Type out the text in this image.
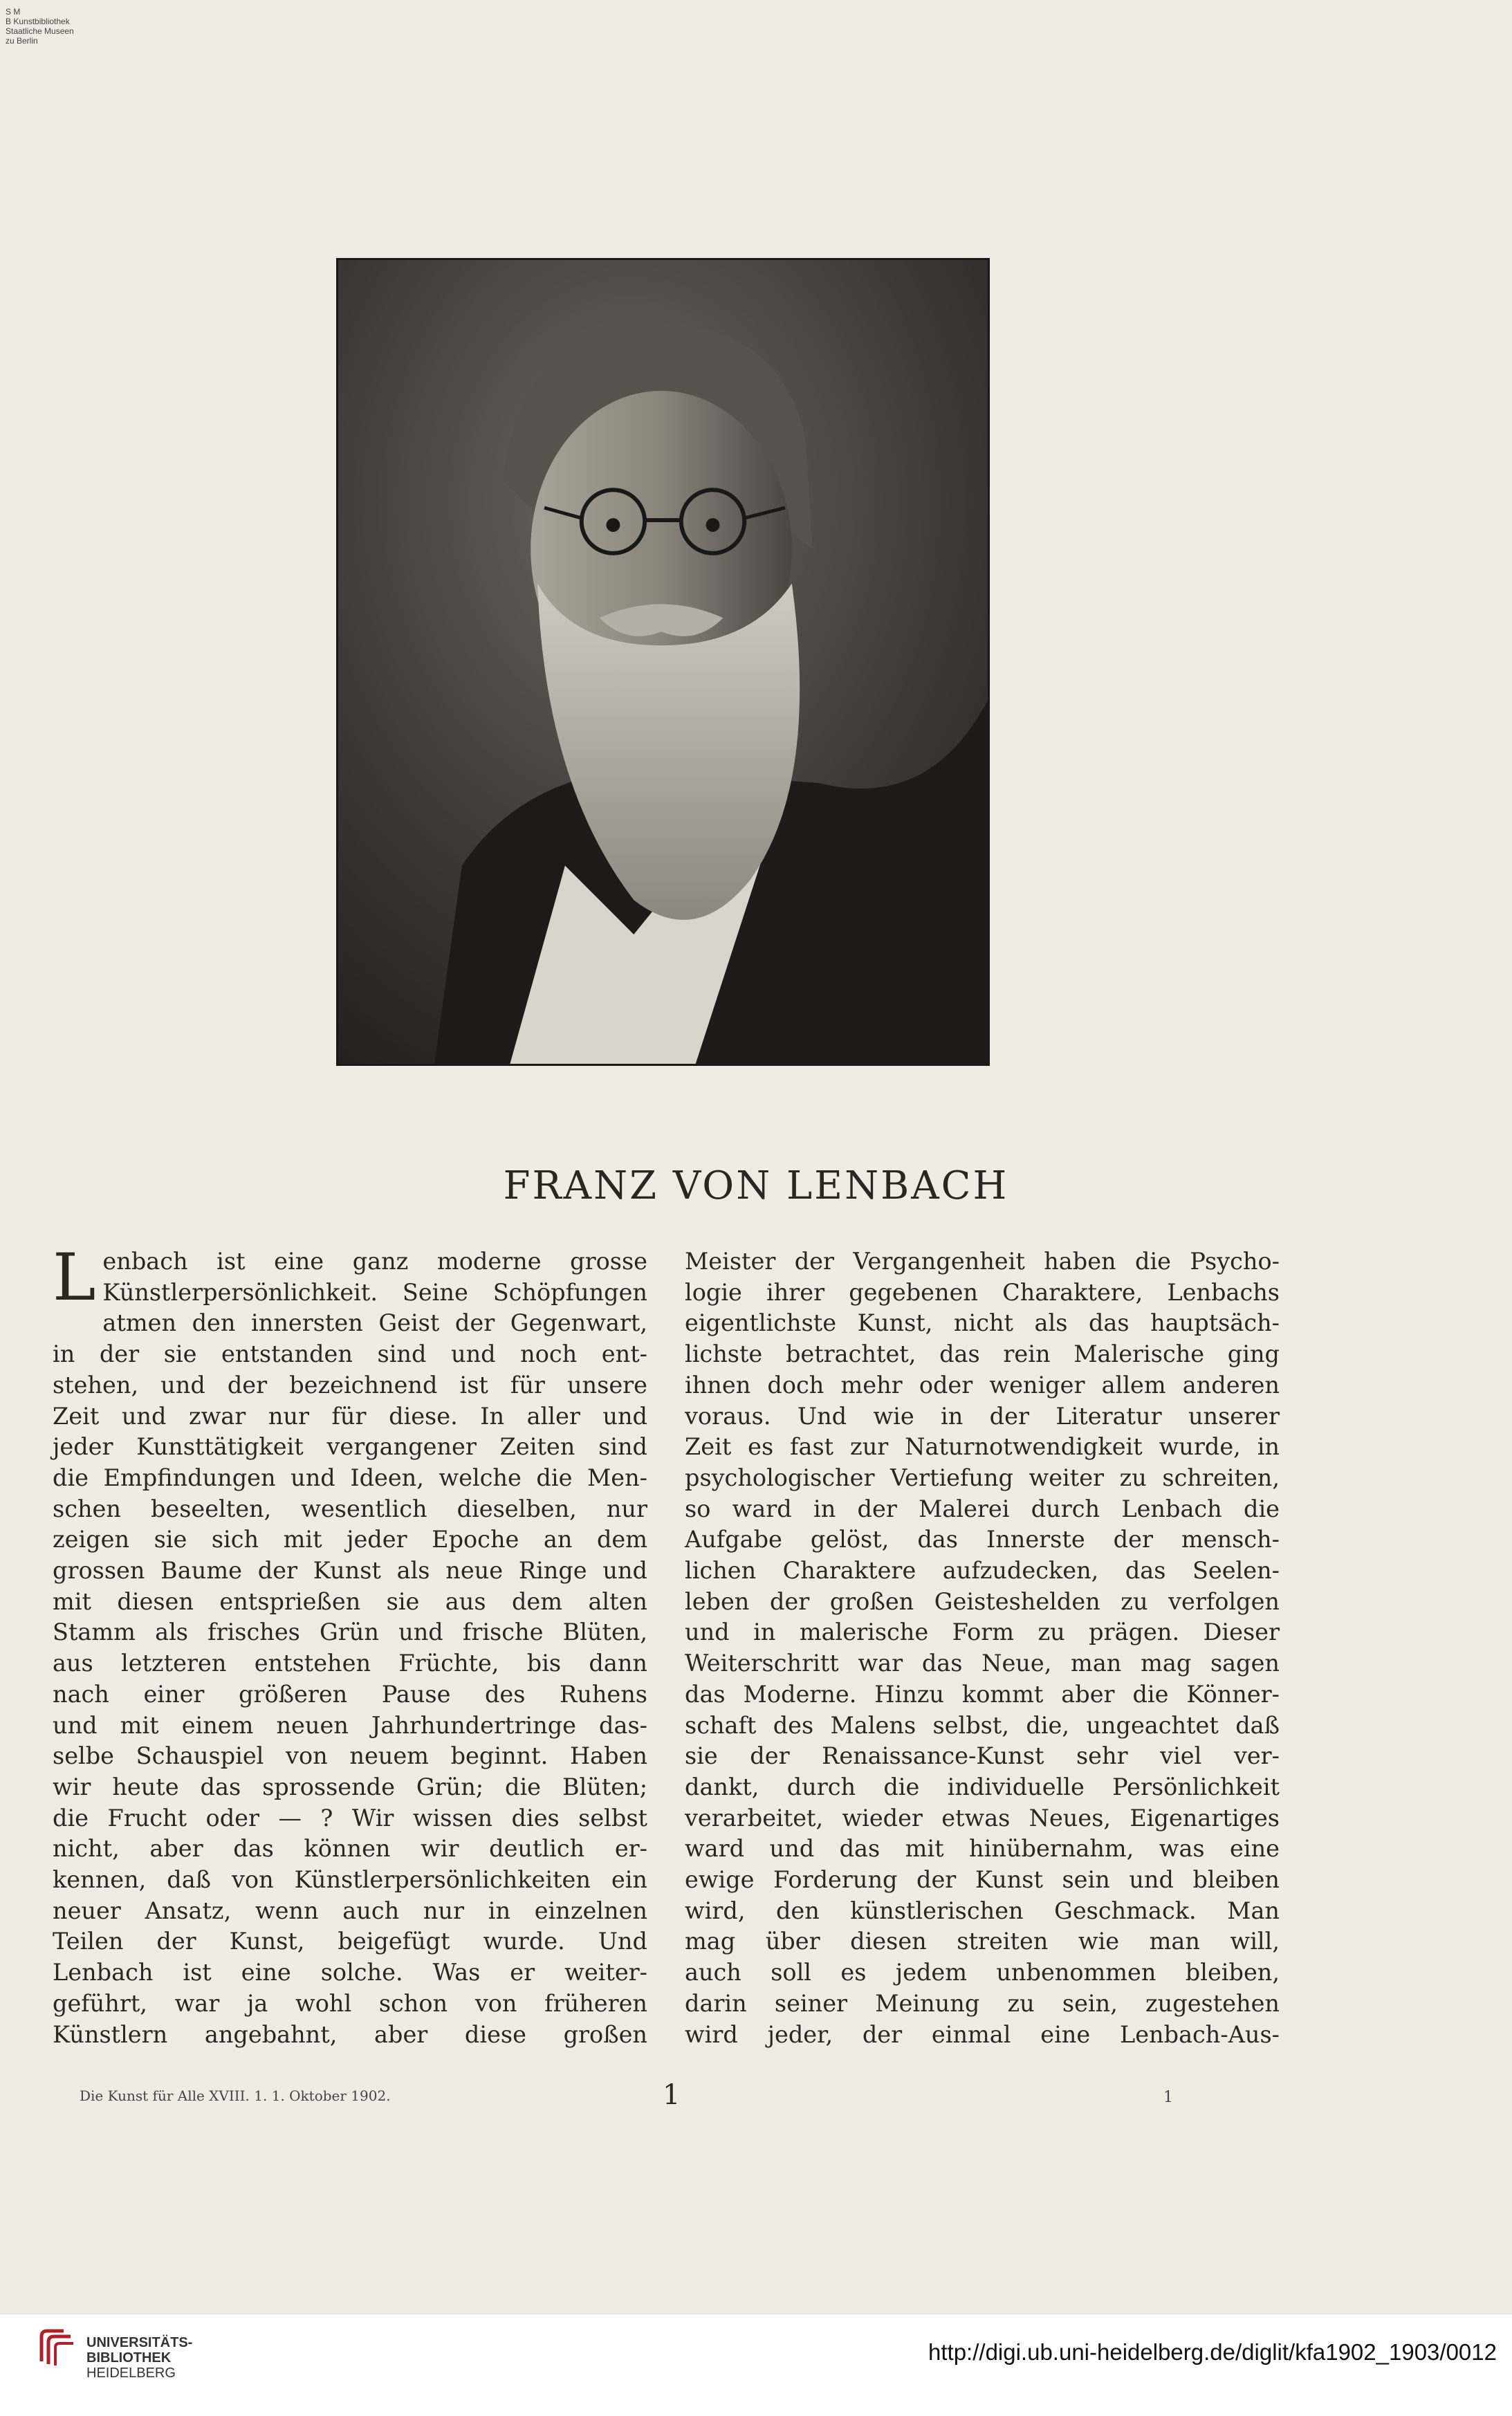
S M
B Kunstbibliothek
Staatliche Museen
zu Berlin
FRANZ VON LENBACH
L enbach ist eine ganz moderne grosse
Künstlerpersönlichkeit. Seine Schöpfungen
atmen den innersten Geist der Gegenwart,
in der sie entstanden sind und noch ent-
stehen, und der bezeichnend ist für unsere
Zeit und zwar nur für diese. In aller und
jeder Kunsttätigkeit vergangener Zeiten sind
die Empfindungen und Ideen, welche die Men-
schen beseelten, wesentlich dieselben, nur
zeigen sie sich mit jeder Epoche an dem
grossen Baume der Kunst als neue Ringe und
mit diesen entsprießen sie aus dem alten
Stamm als frisches Grün und frische Blüten,
aus letzteren entstehen Früchte, bis dann
nach einer größeren Pause des Ruhens
und mit einem neuen Jahrhundertringe das-
selbe Schauspiel von neuem beginnt. Haben
wir heute das sprossende Grün; die Blüten;
die Frucht oder — ? Wir wissen dies selbst
nicht, aber das können wir deutlich er-
kennen, daß von Künstlerpersönlichkeiten ein
neuer Ansatz, wenn auch nur in einzelnen
Teilen der Kunst, beigefügt wurde. Und
Lenbach ist eine solche. Was er weiter-
geführt, war ja wohl schon von früheren
Künstlern angebahnt, aber diese großen
Meister der Vergangenheit haben die Psycho-
logie ihrer gegebenen Charaktere, Lenbachs
eigentlichste Kunst, nicht als das hauptsäch-
lichste betrachtet, das rein Malerische ging
ihnen doch mehr oder weniger allem anderen
voraus. Und wie in der Literatur unserer
Zeit es fast zur Naturnotwendigkeit wurde, in
psychologischer Vertiefung weiter zu schreiten,
so ward in der Malerei durch Lenbach die
Aufgabe gelöst, das Innerste der mensch-
lichen Charaktere aufzudecken, das Seelen-
leben der großen Geisteshelden zu verfolgen
und in malerische Form zu prägen. Dieser
Weiterschritt war das Neue, man mag sagen
das Moderne. Hinzu kommt aber die Könner-
schaft des Malens selbst, die, ungeachtet daß
sie der Renaissance-Kunst sehr viel ver-
dankt, durch die individuelle Persönlichkeit
verarbeitet, wieder etwas Neues, Eigenartiges
ward und das mit hinübernahm, was eine
ewige Forderung der Kunst sein und bleiben
wird, den künstlerischen Geschmack. Man
mag über diesen streiten wie man will,
auch soll es jedem unbenommen bleiben,
darin seiner Meinung zu sein, zugestehen
wird jeder, der einmal eine Lenbach-Aus-
Die Kunst für Alle XVIII. 1. 1. Oktober 1902.	1	1
UNIVERSITÄTS-
BIBLIOTHEK
HEIDELBERG
http://digi.ub.uni-heidelberg.de/diglit/kfa1902_1903/0012
